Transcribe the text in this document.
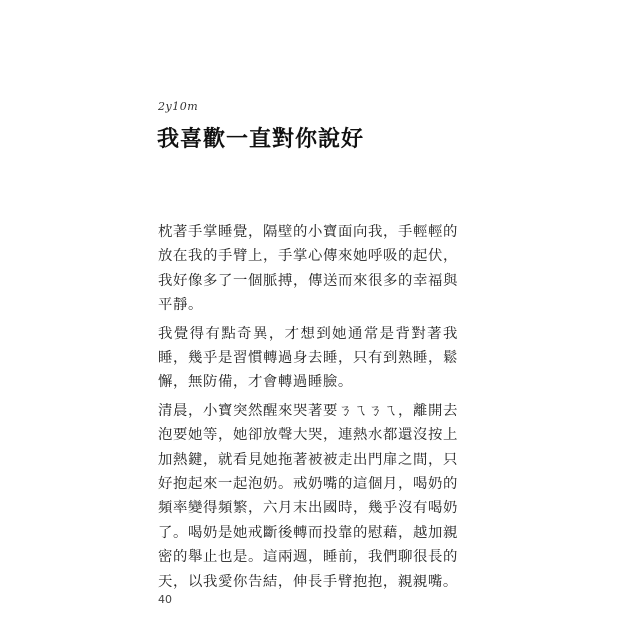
2y10m
我喜歡一直對你說好

枕著手掌睡覺，隔壁的小寶面向我，手輕輕的放在我的手臂上，手掌心傳來她呼吸的起伏，我好像多了一個脈搏，傳送而來很多的幸福與平靜。

我覺得有點奇異，才想到她通常是背對著我睡，幾乎是習慣轉過身去睡，只有到熟睡，鬆懈，無防備，才會轉過睡臉。

清晨，小寶突然醒來哭著要ㄋㄟㄋㄟ，離開去泡要她等，她卻放聲大哭，連熱水都還沒按上加熱鍵，就看見她拖著被被走出門扉之間，只好抱起來一起泡奶。戒奶嘴的這個月，喝奶的頻率變得頻繁，六月末出國時，幾乎沒有喝奶了。喝奶是她戒斷後轉而投靠的慰藉，越加親密的舉止也是。這兩週，睡前，我們聊很長的天，以我愛你告結，伸長手臂抱抱，親親嘴。

40
